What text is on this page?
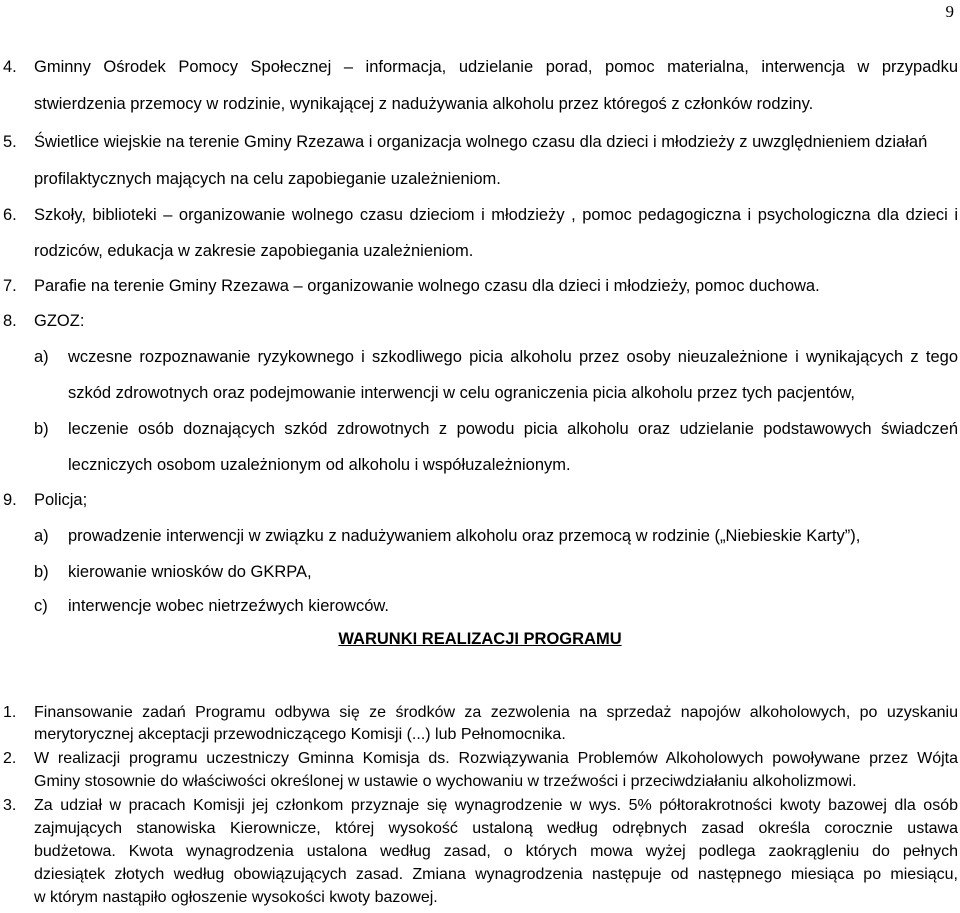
9
4. Gminny Ośrodek Pomocy Społecznej – informacja, udzielanie porad, pomoc materialna, interwencja w przypadku
stwierdzenia przemocy w rodzinie, wynikającej z nadużywania alkoholu przez któregoś z członków rodziny.
5. Świetlice wiejskie na terenie Gminy Rzezawa i organizacja wolnego czasu dla dzieci i młodzieży z uwzględnieniem działań
profilaktycznych mających na celu zapobieganie uzależnieniom.
6. Szkoły, biblioteki – organizowanie wolnego czasu dzieciom i młodzieży , pomoc pedagogiczna i psychologiczna dla dzieci i
rodziców, edukacja w zakresie zapobiegania uzależnieniom.
7. Parafie na terenie Gminy Rzezawa – organizowanie wolnego czasu dla dzieci i młodzieży, pomoc duchowa.
8. GZOZ:
a) wczesne rozpoznawanie ryzykownego i szkodliwego picia alkoholu przez osoby nieuzależnione i wynikających z tego
szkód zdrowotnych oraz podejmowanie interwencji w celu ograniczenia picia alkoholu przez tych pacjentów,
b) leczenie osób doznających szkód zdrowotnych z powodu picia alkoholu oraz udzielanie podstawowych świadczeń
leczniczych osobom uzależnionym od alkoholu i współuzależnionym.
9. Policja;
a) prowadzenie interwencji w związku z nadużywaniem alkoholu oraz przemocą w rodzinie („Niebieskie Karty”),
b) kierowanie wniosków do GKRPA,
c) interwencje wobec nietrzeźwych kierowców.
WARUNKI REALIZACJI PROGRAMU
1. Finansowanie zadań Programu odbywa się ze środków za zezwolenia na sprzedaż napojów alkoholowych, po uzyskaniu
merytorycznej akceptacji przewodniczącego Komisji (...) lub Pełnomocnika.
2. W realizacji programu uczestniczy Gminna Komisja ds. Rozwiązywania Problemów Alkoholowych powoływane przez Wójta
Gminy stosownie do właściwości określonej w ustawie o wychowaniu w trzeźwości i przeciwdziałaniu alkoholizmowi.
3. Za udział w pracach Komisji jej członkom przyznaje się wynagrodzenie w wys. 5% półtorakrotności kwoty bazowej dla osób
zajmujących stanowiska Kierownicze, której wysokość ustaloną według odrębnych zasad określa corocznie ustawa
budżetowa. Kwota wynagrodzenia ustalona według zasad, o których mowa wyżej podlega zaokrągleniu do pełnych
dziesiątek złotych według obowiązujących zasad. Zmiana wynagrodzenia następuje od następnego miesiąca po miesiącu,
w którym nastąpiło ogłoszenie wysokości kwoty bazowej.
